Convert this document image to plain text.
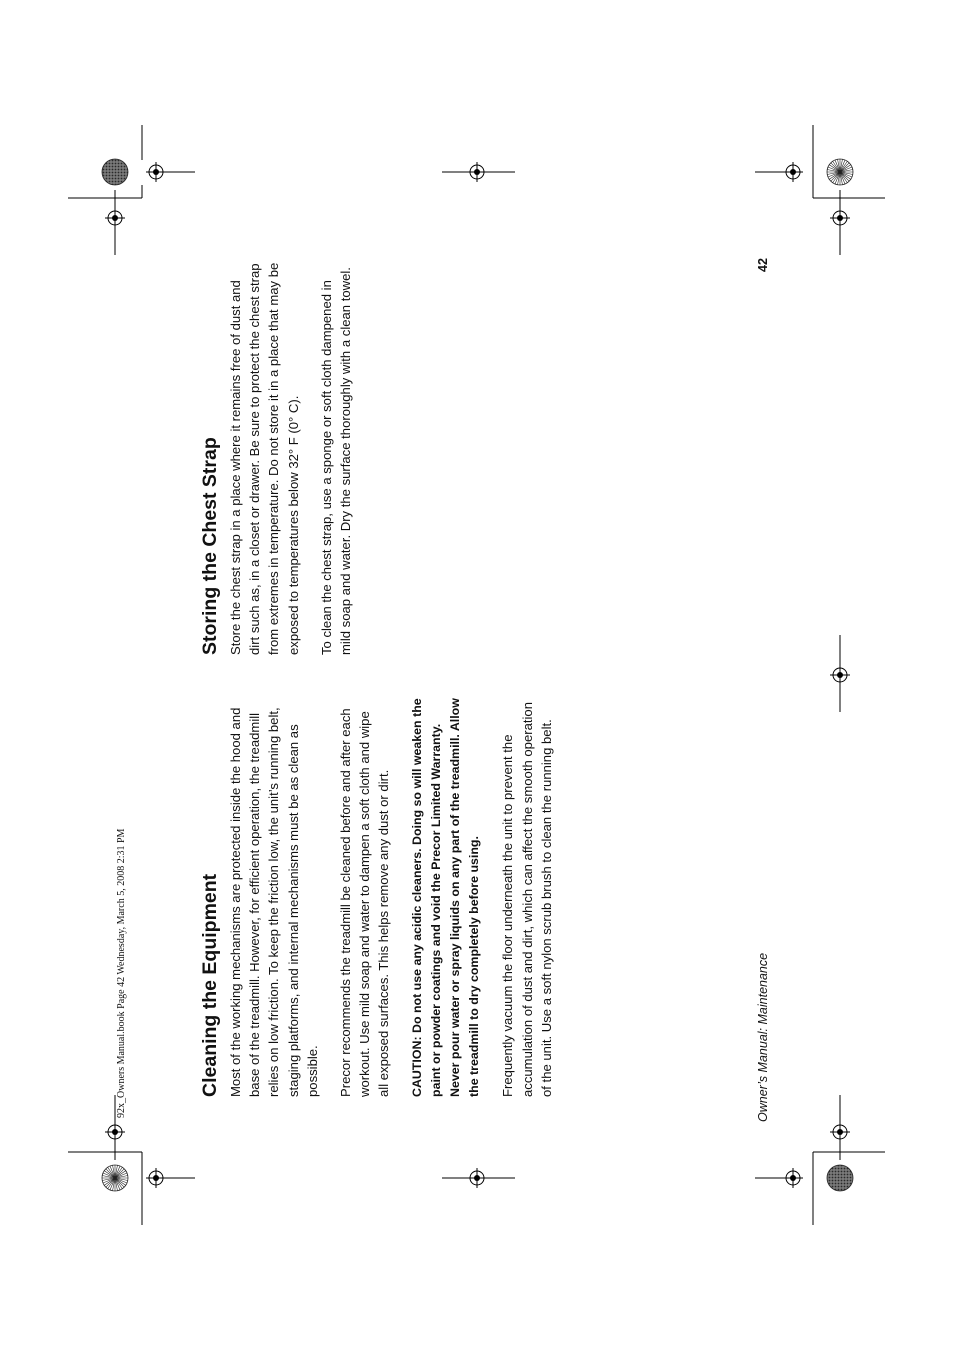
92x_Owners Manual.book Page 42 Wednesday, March 5, 2008 2:31 PM	Cleaning the Equipment Most of the working mechanisms are protected inside the hood and base of the treadmill. However, for efficient operation, the treadmill relies on low friction. To keep the friction low, the unit’s running belt, staging platforms, and internal mechanisms must be as clean as possible. Precor recommends the treadmill be cleaned before and after each workout. Use mild soap and water to dampen a soft cloth and wipe all exposed surfaces. This helps remove any dust or dirt. CAUTION: Do not use any acidic cleaners. Doing so will weaken the paint or powder coatings and void the Precor Limited Warranty. Never pour water or spray liquids on any part of the treadmill. Allow the treadmill to dry completely before using. Frequently vacuum the floor underneath the unit to prevent the accumulation of dust and dirt, which can affect the smooth operation of the unit. Use a soft nylon scrub brush to clean the running belt.

Storing the Chest Strap Store the chest strap in a place where it remains free of dust and dirt such as, in a closet or drawer. Be sure to protect the chest strap from extremes in temperature. Do not store it in a place that may be exposed to temperatures below 32° F (0° C). To clean the chest strap, use a sponge or soft cloth dampened in mild soap and water. Dry the surface thoroughly with a clean towel.

Owner’s Manual: Maintenance
42
